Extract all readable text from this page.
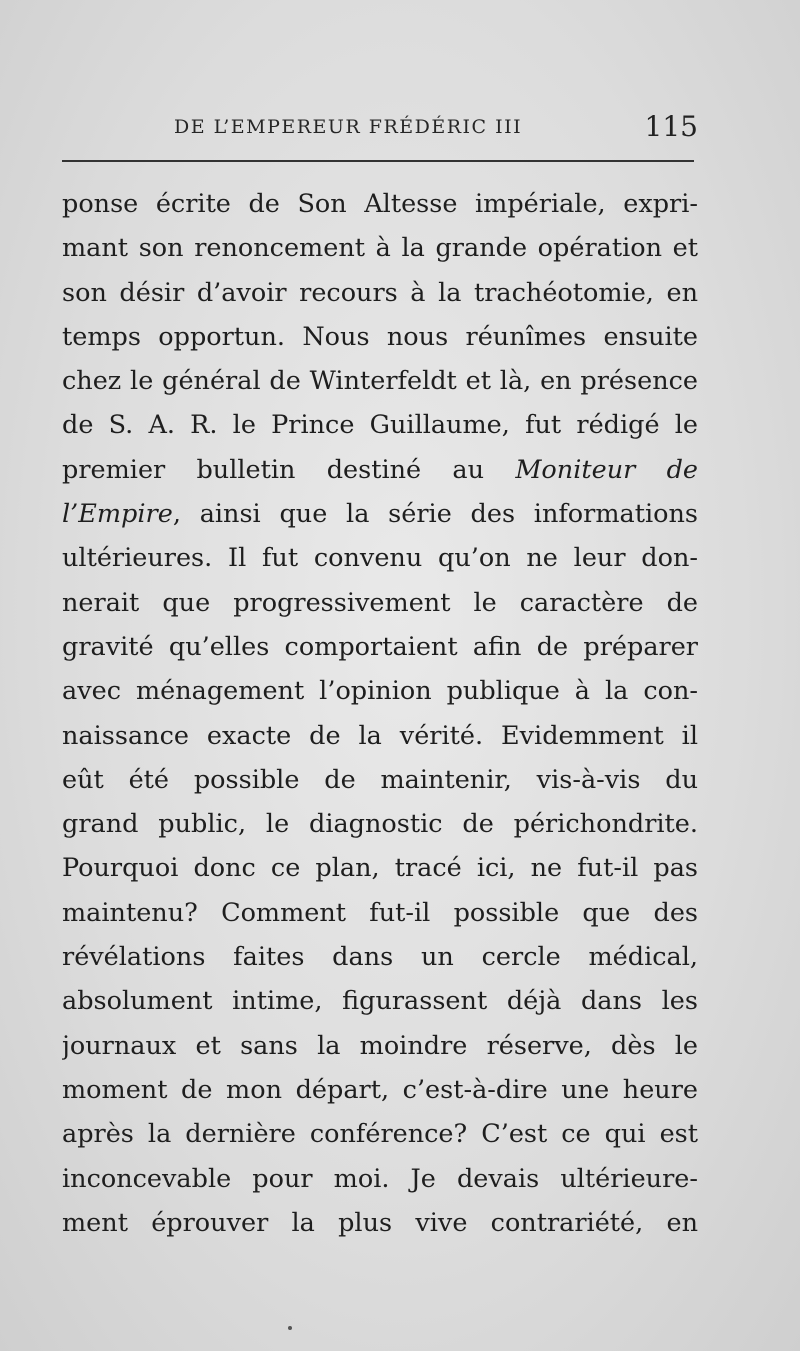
DE L’EMPEREUR FRÉDÉRIC III	115
ponse écrite de Son Altesse impériale, expri-
mant son renoncement à la grande opération et
son désir d’avoir recours à la trachéotomie, en
temps opportun. Nous nous réunîmes ensuite
chez le général de Winterfeldt et là, en présence
de S. A. R. le Prince Guillaume, fut rédigé le
premier bulletin destiné au Moniteur de
l’Empire, ainsi que la série des informations
ultérieures. Il fut convenu qu’on ne leur don-
nerait que progressivement le caractère de
gravité qu’elles comportaient afin de préparer
avec ménagement l’opinion publique à la con-
naissance exacte de la vérité. Evidemment il
eût été possible de maintenir, vis-à-vis du
grand public, le diagnostic de périchondrite.
Pourquoi donc ce plan, tracé ici, ne fut-il pas
maintenu? Comment fut-il possible que des
révélations faites dans un cercle médical,
absolument intime, figurassent déjà dans les
journaux et sans la moindre réserve, dès le
moment de mon départ, c’est-à-dire une heure
après la dernière conférence? C’est ce qui est
inconcevable pour moi. Je devais ultérieure-
ment éprouver la plus vive contrariété, en
